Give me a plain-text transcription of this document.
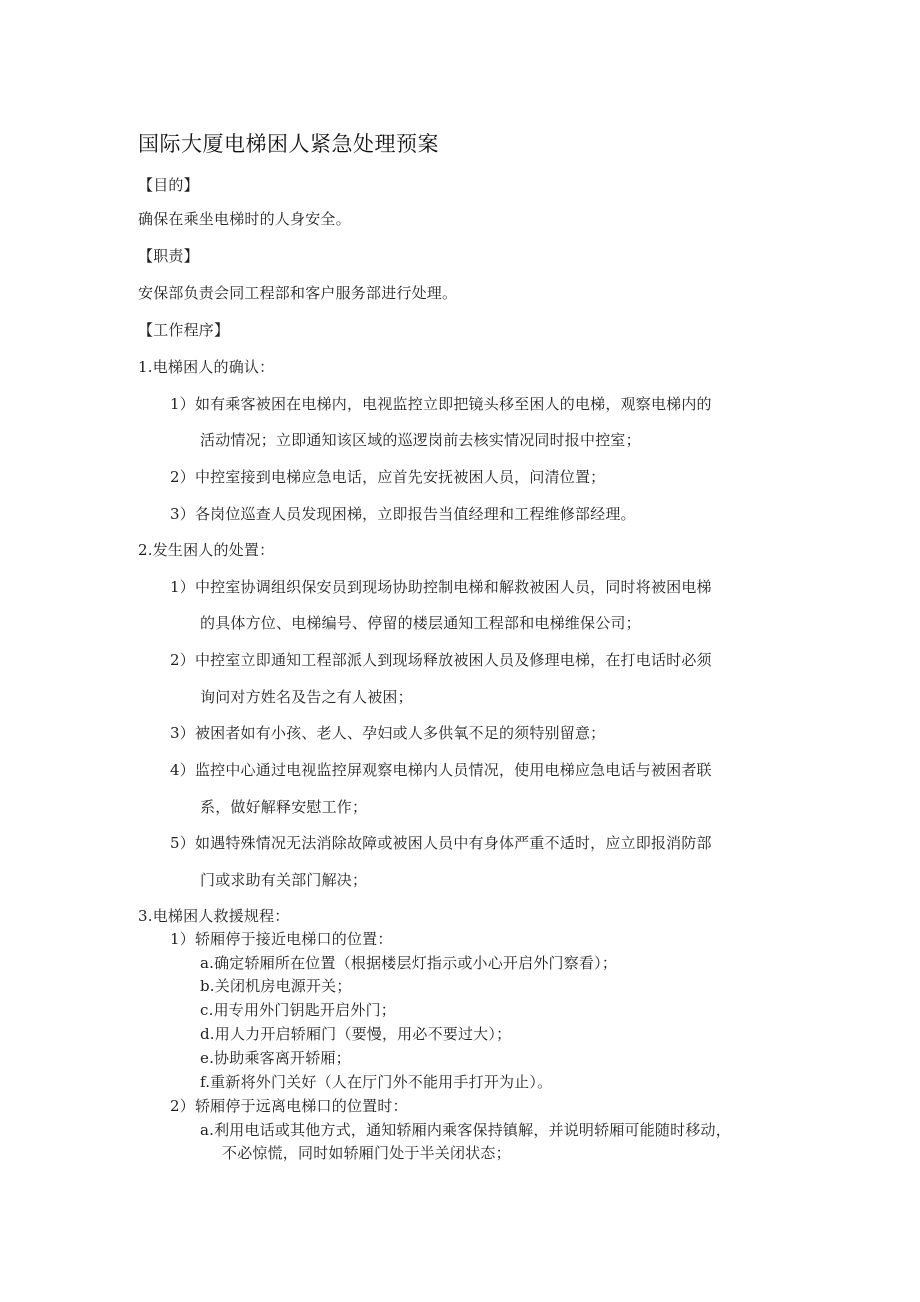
国际大厦电梯困人紧急处理预案
【目的】
确保在乘坐电梯时的人身安全。
【职责】
安保部负责会同工程部和客户服务部进行处理。
【工作程序】
1.电梯困人的确认：
1）如有乘客被困在电梯内，电视监控立即把镜头移至困人的电梯，观察电梯内的
活动情况；立即通知该区域的巡逻岗前去核实情况同时报中控室；
2）中控室接到电梯应急电话，应首先安抚被困人员，问清位置；
3）各岗位巡查人员发现困梯，立即报告当值经理和工程维修部经理。
2.发生困人的处置：
1）中控室协调组织保安员到现场协助控制电梯和解救被困人员，同时将被困电梯
的具体方位、电梯编号、停留的楼层通知工程部和电梯维保公司；
2）中控室立即通知工程部派人到现场释放被困人员及修理电梯，在打电话时必须
询问对方姓名及告之有人被困；
3）被困者如有小孩、老人、孕妇或人多供氧不足的须特别留意；
4）监控中心通过电视监控屏观察电梯内人员情况，使用电梯应急电话与被困者联
系，做好解释安慰工作；
5）如遇特殊情况无法消除故障或被困人员中有身体严重不适时，应立即报消防部
门或求助有关部门解决；
3.电梯困人救援规程：
1）轿厢停于接近电梯口的位置：
a.确定轿厢所在位置（根据楼层灯指示或小心开启外门察看）；
b.关闭机房电源开关；
c.用专用外门钥匙开启外门；
d.用人力开启轿厢门（要慢，用必不要过大）；
e.协助乘客离开轿厢；
f.重新将外门关好（人在厅门外不能用手打开为止）。
2）轿厢停于远离电梯口的位置时：
a.利用电话或其他方式，通知轿厢内乘客保持镇解，并说明轿厢可能随时移动，
不必惊慌，同时如轿厢门处于半关闭状态；
